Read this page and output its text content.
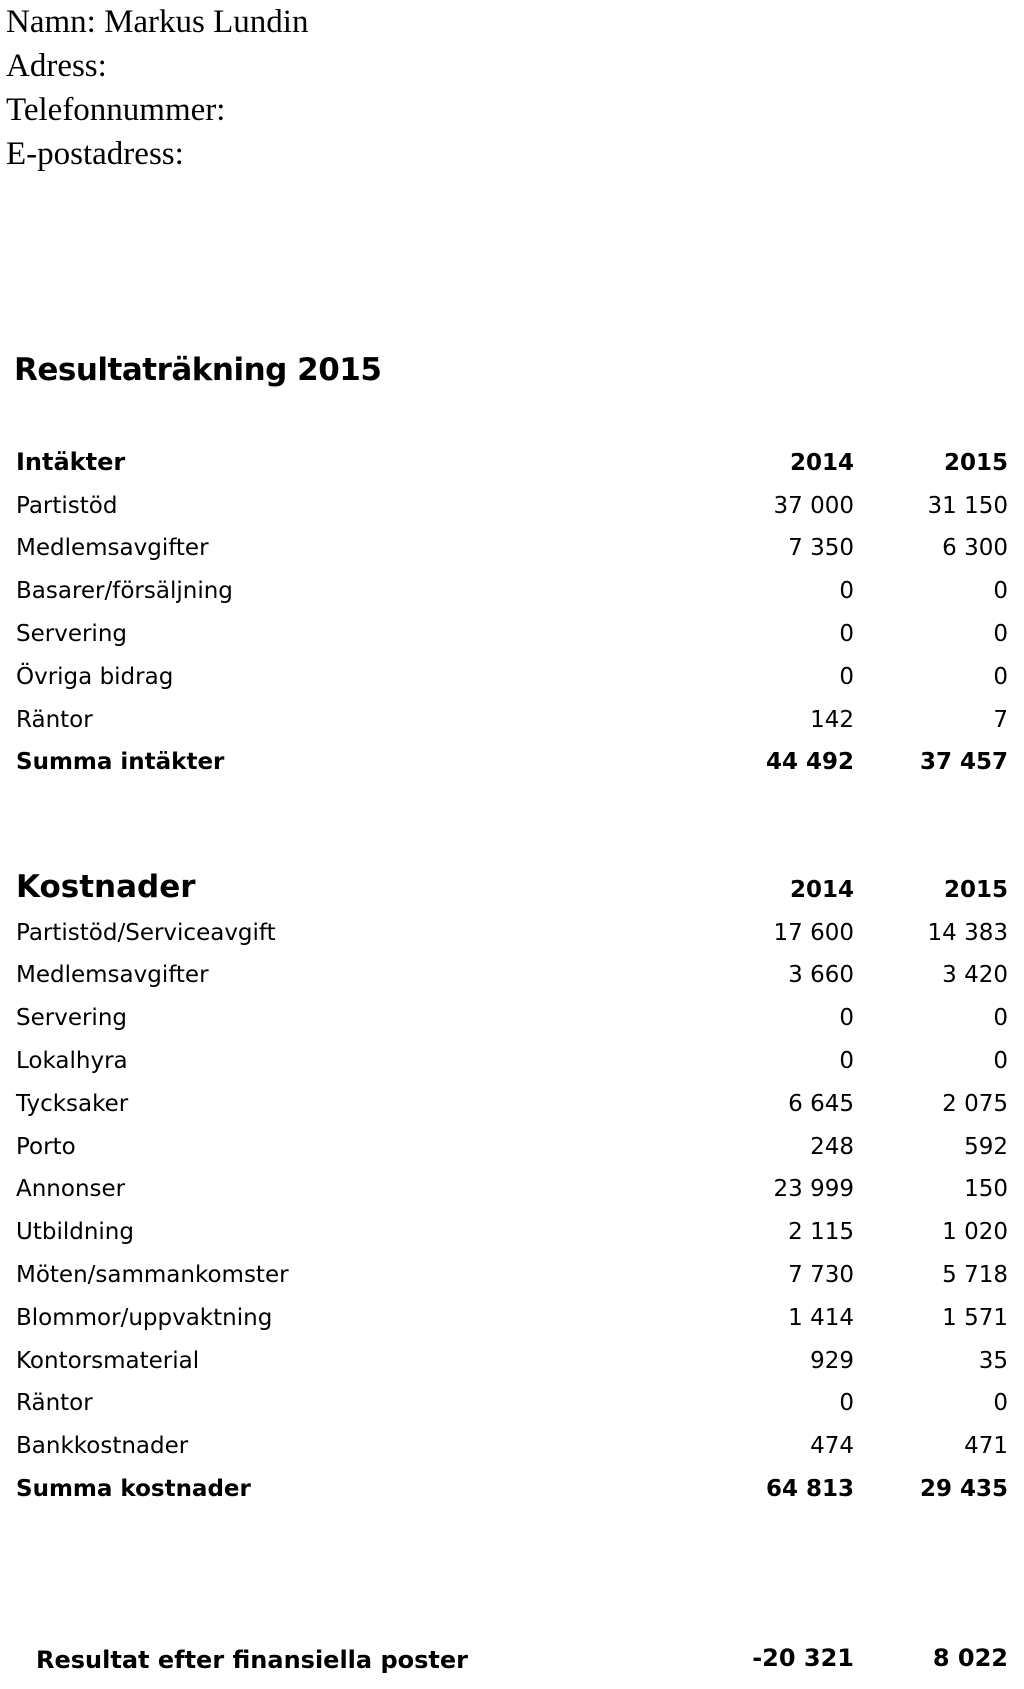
Namn: Markus Lundin
Adress:
Telefonnummer:
E-postadress:
Resultaträkning 2015
Intäkter	2014	2015
Partistöd	37 000	31 150
Medlemsavgifter	7 350	6 300
Basarer/försäljning	0	0
Servering	0	0
Övriga bidrag	0	0
Räntor	142	7
Summa intäkter	44 492	37 457
Kostnader	2014	2015
Partistöd/Serviceavgift	17 600	14 383
Medlemsavgifter	3 660	3 420
Servering	0	0
Lokalhyra	0	0
Tycksaker	6 645	2 075
Porto	248	592
Annonser	23 999	150
Utbildning	2 115	1 020
Möten/sammankomster	7 730	5 718
Blommor/uppvaktning	1 414	1 571
Kontorsmaterial	929	35
Räntor	0	0
Bankkostnader	474	471
Summa kostnader	64 813	29 435
Resultat efter finansiella poster	-20 321	8 022
